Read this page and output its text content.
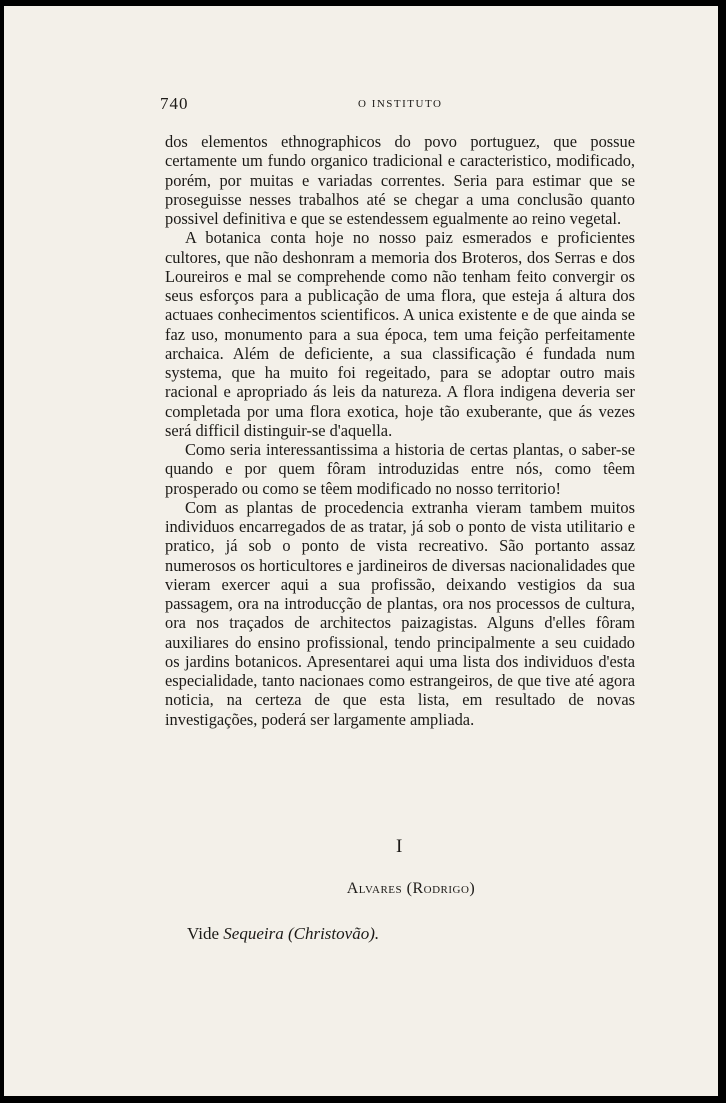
740	O INSTITUTO

dos elementos ethnographicos do povo portuguez, que possue certamente um fundo organico tradicional e caracteristico, modificado, porém, por muitas e variadas correntes. Seria para estimar que se proseguisse nesses trabalhos até se chegar a uma conclusão quanto possivel definitiva e que se estendessem egualmente ao reino vegetal.

A botanica conta hoje no nosso paiz esmerados e proficientes cultores, que não deshonram a memoria dos Broteros, dos Serras e dos Loureiros e mal se comprehende como não tenham feito convergir os seus esforços para a publicação de uma flora, que esteja á altura dos actuaes conhecimentos scientificos. A unica existente e de que ainda se faz uso, monumento para a sua época, tem uma feição perfeitamente archaica. Além de deficiente, a sua classificação é fundada num systema, que ha muito foi regeitado, para se adoptar outro mais racional e apropriado ás leis da natureza. A flora indigena deveria ser completada por uma flora exotica, hoje tão exuberante, que ás vezes será difficil distinguir-se d'aquella.

Como seria interessantissima a historia de certas plantas, o saber-se quando e por quem fôram introduzidas entre nós, como têem prosperado ou como se têem modificado no nosso territorio!

Com as plantas de procedencia extranha vieram tambem muitos individuos encarregados de as tratar, já sob o ponto de vista utilitario e pratico, já sob o ponto de vista recreativo. São portanto assaz numerosos os horticultores e jardineiros de diversas nacionalidades que vieram exercer aqui a sua profissão, deixando vestigios da sua passagem, ora na introducção de plantas, ora nos processos de cultura, ora nos traçados de architectos paizagistas. Alguns d'elles fôram auxiliares do ensino profissional, tendo principalmente a seu cuidado os jardins botanicos. Apresentarei aqui uma lista dos individuos d'esta especialidade, tanto nacionaes como estrangeiros, de que tive até agora noticia, na certeza de que esta lista, em resultado de novas investigações, poderá ser largamente ampliada.

I
Alvares (Rodrigo)
Vide Sequeira (Christovão).
